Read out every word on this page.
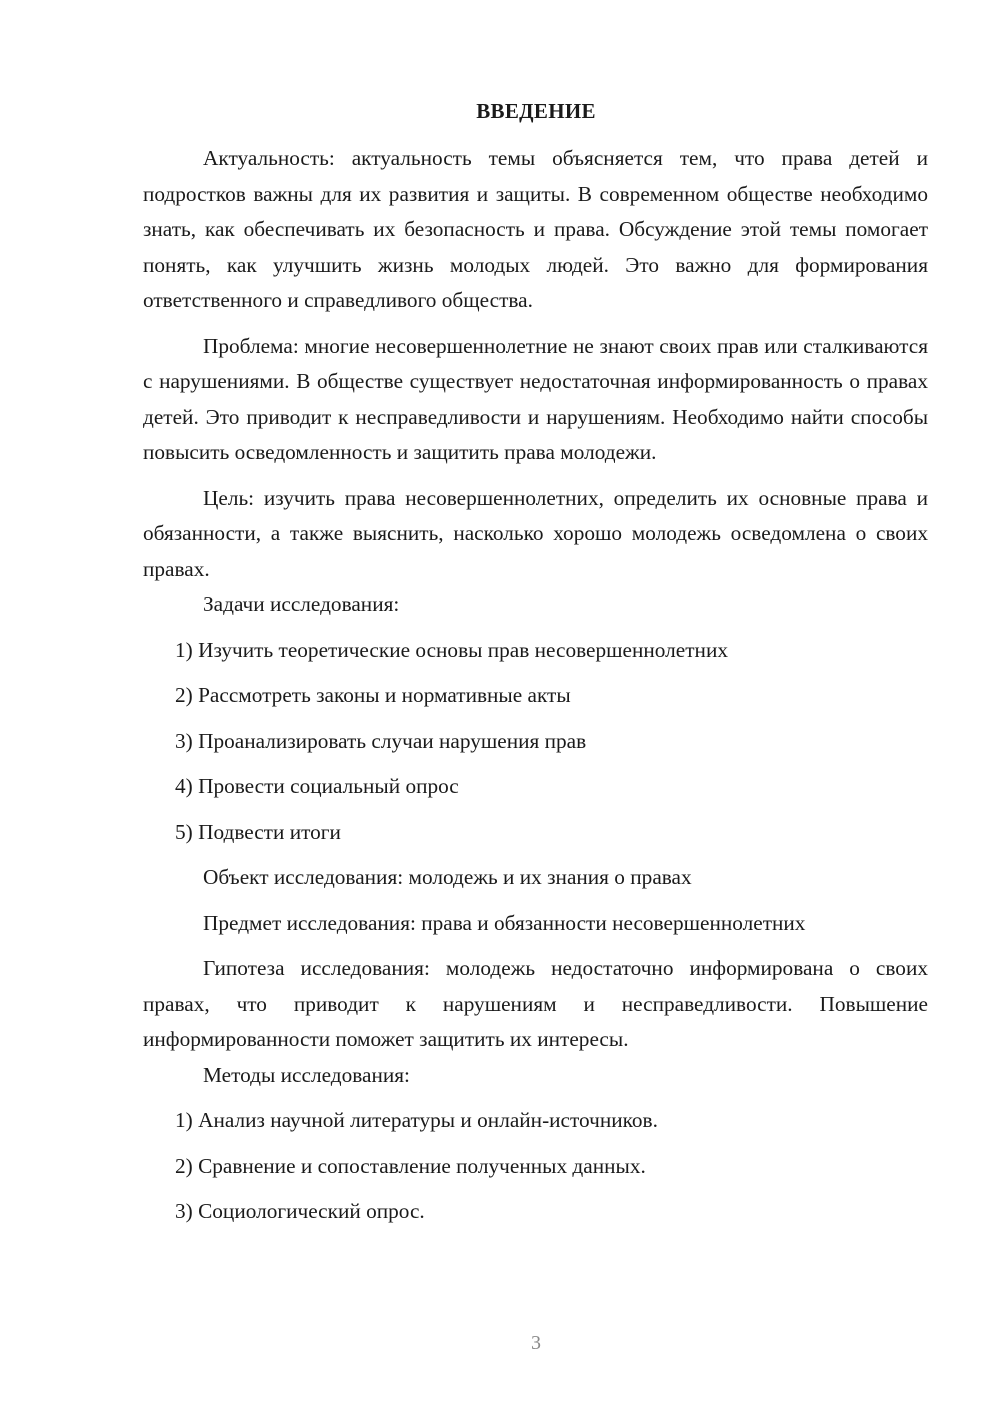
ВВЕДЕНИЕ

Актуальность: актуальность темы объясняется тем, что права детей и подростков важны для их развития и защиты. В современном обществе необходимо знать, как обеспечивать их безопасность и права. Обсуждение этой темы помогает понять, как улучшить жизнь молодых людей. Это важно для формирования ответственного и справедливого общества.

Проблема: многие несовершеннолетние не знают своих прав или сталкиваются с нарушениями. В обществе существует недостаточная информированность о правах детей. Это приводит к несправедливости и нарушениям. Необходимо найти способы повысить осведомленность и защитить права молодежи.

Цель: изучить права несовершеннолетних, определить их основные права и обязанности, а также выяснить, насколько хорошо молодежь осведомлена о своих правах.

Задачи исследования:

1) Изучить теоретические основы прав несовершеннолетних

2) Рассмотреть законы и нормативные акты

3) Проанализировать случаи нарушения прав

4) Провести социальный опрос

5) Подвести итоги

Объект исследования: молодежь и их знания о правах

Предмет исследования: права и обязанности несовершеннолетних

Гипотеза исследования: молодежь недостаточно информирована о своих правах, что приводит к нарушениям и несправедливости. Повышение информированности поможет защитить их интересы.

Методы исследования:

1) Анализ научной литературы и онлайн-источников.

2) Сравнение и сопоставление полученных данных.

3) Социологический опрос.

3
